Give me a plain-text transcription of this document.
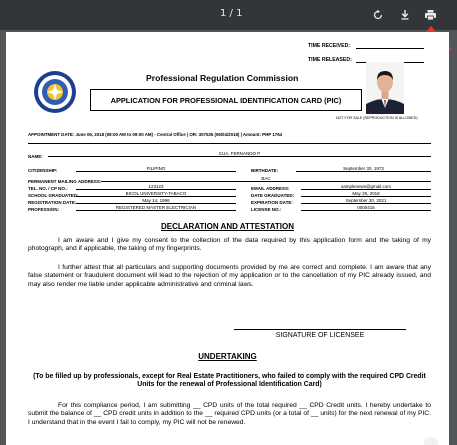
1 / 1
TIME RECEIVED:
TIME RELEASED:
Professional Regulation Commission
APPLICATION FOR PROFESSIONAL IDENTIFICATION CARD (PIC)
NOT FOR SALE (REPRODUCTION IS ALLOWED)
APPOINTMENT DATE: June 06, 2018 (08:00 AM to 09:00 AM) - Central Office | OR: 307535 (06/04/2018) | Amount: PHP 1764
NAME:
CUA, FERNANDO P
CITIZENSHIP:	FILIPINO	BIRTHDATE:	September 30, 1973
PERMANENT MAILING ADDRESS:
BAC
TEL. NO. / CP NO.:	123123	EMAIL ADDRESS:	samplenews@gmail.com
SCHOOL GRADUATED:	BICOL UNIVERSITY-TABACO	DATE GRADUATED:	May 29, 2018
REGISTRATION DATE:	May 14, 1996	EXPIRATION DATE:	September 30, 2021
PROFESSION:	REGISTERED MASTER ELECTRICIAN	LICENSE NO.:	0000415
DECLARATION AND ATTESTATION

I am aware and I give my consent to the collection of the data required by this application form and the taking of my photograph, and if applicable, the taking of my fingerprints.

I further attest that all particulars and supporting documents provided by me are correct and complete. I am aware that any false statement or fraudulent document will lead to the rejection of my application or to the cancellation of my PIC already issued, and may also render me liable under applicable administrative and criminal laws.

SIGNATURE OF LICENSEE
UNDERTAKING
(To be filled up by professionals, except for Real Estate Practitioners, who failed to comply with the required CPD Credit Units for the renewal of Professional Identification Card)

For this compliance period, I am submitting __ CPD units of the total required __ CPD Credit units. I hereby undertake to submit the balance of __ CPD credit units in addition to the __ required CPD units (or a total of __ units) for the next renewal of my PIC. I understand that in the event I fail to comply, my PIC will not be renewed.
